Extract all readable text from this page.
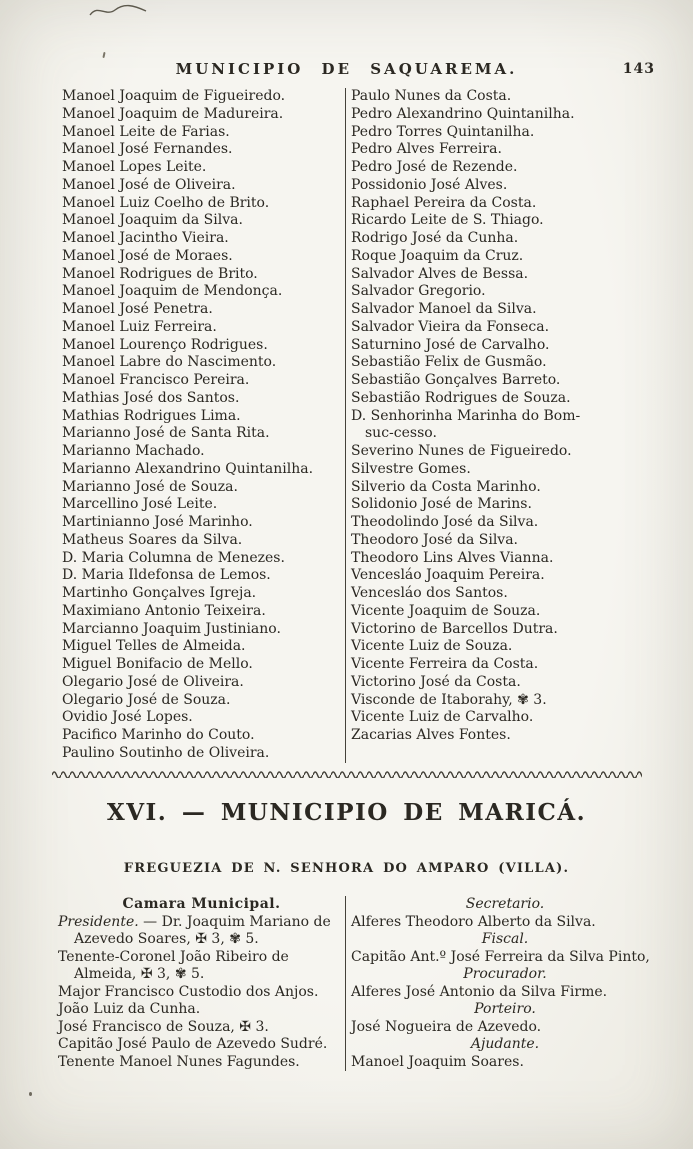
MUNICIPIO DE SAQUAREMA.	143
Manoel Joaquim de Figueiredo.
Manoel Joaquim de Madureira.
Manoel Leite de Farias.
Manoel José Fernandes.
Manoel Lopes Leite.
Manoel José de Oliveira.
Manoel Luiz Coelho de Brito.
Manoel Joaquim da Silva.
Manoel Jacintho Vieira.
Manoel José de Moraes.
Manoel Rodrigues de Brito.
Manoel Joaquim de Mendonça.
Manoel José Penetra.
Manoel Luiz Ferreira.
Manoel Lourenço Rodrigues.
Manoel Labre do Nascimento.
Manoel Francisco Pereira.
Mathias José dos Santos.
Mathias Rodrigues Lima.
Marianno José de Santa Rita.
Marianno Machado.
Marianno Alexandrino Quintanilha.
Marianno José de Souza.
Marcellino José Leite.
Martinianno José Marinho.
Matheus Soares da Silva.
D. Maria Columna de Menezes.
D. Maria Ildefonsa de Lemos.
Martinho Gonçalves Igreja.
Maximiano Antonio Teixeira.
Marcianno Joaquim Justiniano.
Miguel Telles de Almeida.
Miguel Bonifacio de Mello.
Olegario José de Oliveira.
Olegario José de Souza.
Ovidio José Lopes.
Pacifico Marinho do Couto.
Paulino Soutinho de Oliveira.
Paulo Nunes da Costa.
Pedro Alexandrino Quintanilha.
Pedro Torres Quintanilha.
Pedro Alves Ferreira.
Pedro José de Rezende.
Possidonio José Alves.
Raphael Pereira da Costa.
Ricardo Leite de S. Thiago.
Rodrigo José da Cunha.
Roque Joaquim da Cruz.
Salvador Alves de Bessa.
Salvador Gregorio.
Salvador Manoel da Silva.
Salvador Vieira da Fonseca.
Saturnino José de Carvalho.
Sebastião Felix de Gusmão.
Sebastião Gonçalves Barreto.
Sebastião Rodrigues de Souza.
D. Senhorinha Marinha do Bom-suc-cesso.
Severino Nunes de Figueiredo.
Silvestre Gomes.
Silverio da Costa Marinho.
Solidonio José de Marins.
Theodolindo José da Silva.
Theodoro José da Silva.
Theodoro Lins Alves Vianna.
Vencesláo Joaquim Pereira.
Vencesláo dos Santos.
Vicente Joaquim de Souza.
Victorino de Barcellos Dutra.
Vicente Luiz de Souza.
Vicente Ferreira da Costa.
Victorino José da Costa.
Visconde de Itaborahy, ✾ 3.
Vicente Luiz de Carvalho.
Zacarias Alves Fontes.
XVI. — MUNICIPIO DE MARICÁ.
FREGUEZIA DE N. SENHORA DO AMPARO (VILLA).
Camara Municipal.
Presidente. — Dr. Joaquim Mariano de Azevedo Soares, ✠ 3, ✾ 5.
Tenente-Coronel João Ribeiro de Almeida, ✠ 3, ✾ 5.
Major Francisco Custodio dos Anjos.
João Luiz da Cunha.
José Francisco de Souza, ✠ 3.
Capitão José Paulo de Azevedo Sudré.
Tenente Manoel Nunes Fagundes.
Secretario.
Alferes Theodoro Alberto da Silva.
Fiscal.
Capitão Ant.º José Ferreira da Silva Pinto,
Procurador.
Alferes José Antonio da Silva Firme.
Porteiro.
José Nogueira de Azevedo.
Ajudante.
Manoel Joaquim Soares.
